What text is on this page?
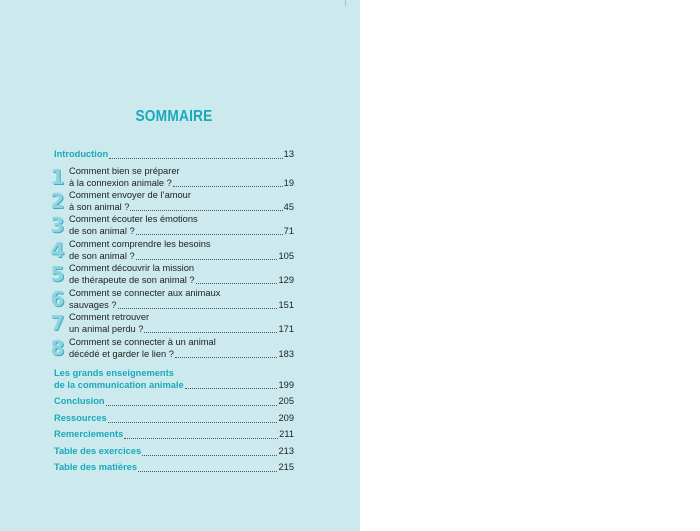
SOMMAIRE
Introduction	13
1 Comment bien se préparer
à la connexion animale ?	19
2 Comment envoyer de l’amour
à son animal ?	45
3 Comment écouter les émotions
de son animal ?	71
4 Comment comprendre les besoins
de son animal ?	105
5 Comment découvrir la mission
de thérapeute de son animal ?	129
6 Comment se connecter aux animaux
sauvages ?	151
7 Comment retrouver
un animal perdu ?	171
8 Comment se connecter à un animal
décédé et garder le lien ?	183
Les grands enseignements
de la communication animale	199
Conclusion	205
Ressources	209
Remerciements	211
Table des exercices	213
Table des matières	215
